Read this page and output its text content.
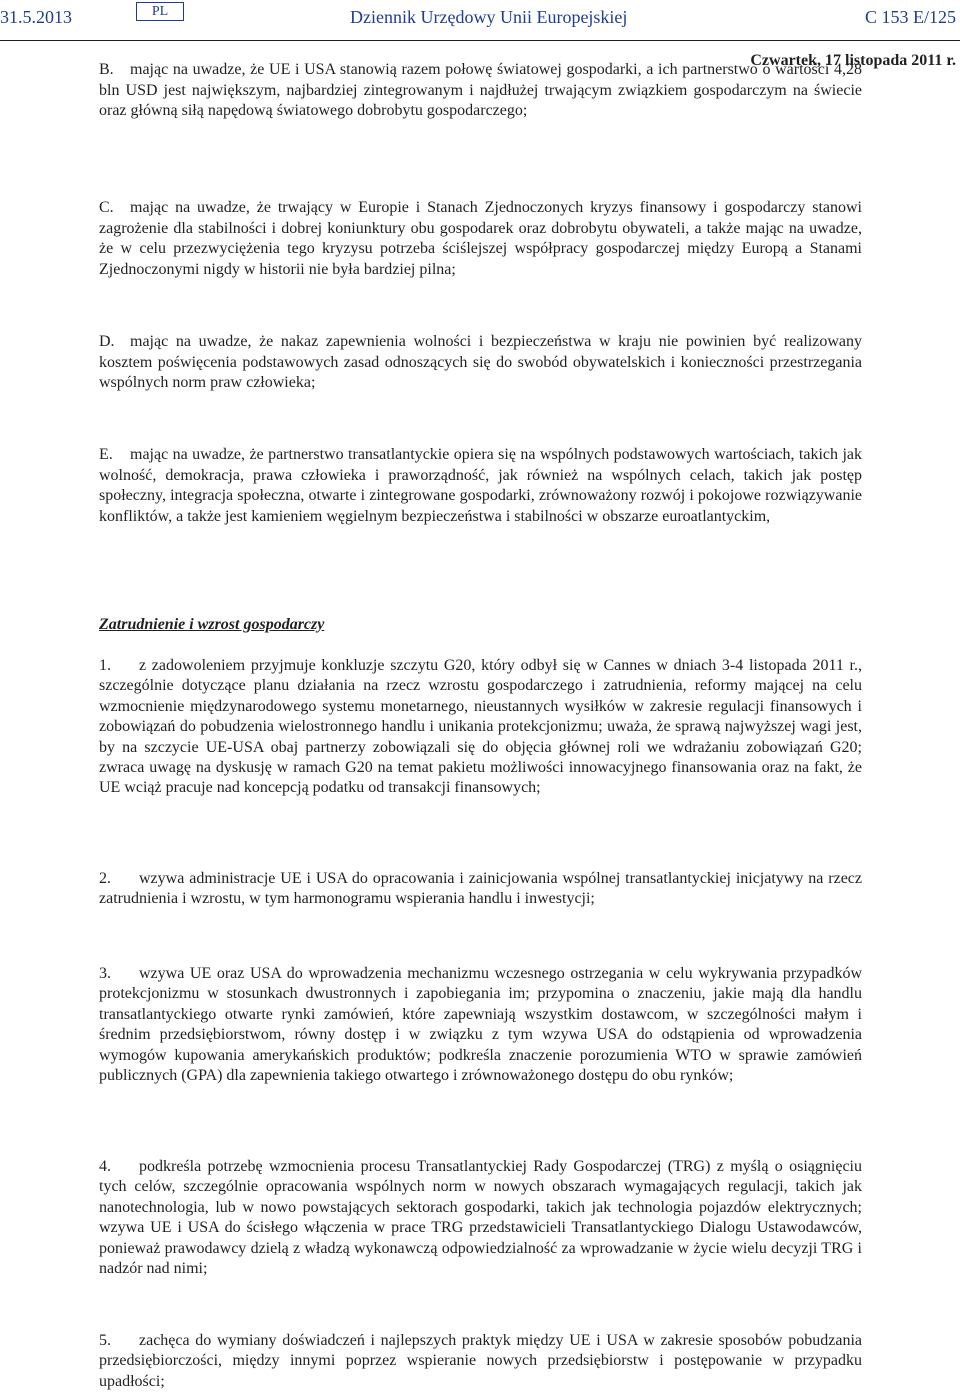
31.5.2013	PL	Dziennik Urzędowy Unii Europejskiej	C 153 E/125
Czwartek, 17 listopada 2011 r.
B. mając na uwadze, że UE i USA stanowią razem połowę światowej gospodarki, a ich partnerstwo o wartości 4,28 bln USD jest największym, najbardziej zintegrowanym i najdłużej trwającym związkiem gospodarczym na świecie oraz główną siłą napędową światowego dobrobytu gospodarczego;
C. mając na uwadze, że trwający w Europie i Stanach Zjednoczonych kryzys finansowy i gospodarczy stanowi zagrożenie dla stabilności i dobrej koniunktury obu gospodarek oraz dobrobytu obywateli, a także mając na uwadze, że w celu przezwyciężenia tego kryzysu potrzeba ściślejszej współpracy gospodarczej między Europą a Stanami Zjednoczonymi nigdy w historii nie była bardziej pilna;
D. mając na uwadze, że nakaz zapewnienia wolności i bezpieczeństwa w kraju nie powinien być realizowany kosztem poświęcenia podstawowych zasad odnoszących się do swobód obywatelskich i konieczności przestrzegania wspólnych norm praw człowieka;
E. mając na uwadze, że partnerstwo transatlantyckie opiera się na wspólnych podstawowych wartościach, takich jak wolność, demokracja, prawa człowieka i praworządność, jak również na wspólnych celach, takich jak postęp społeczny, integracja społeczna, otwarte i zintegrowane gospodarki, zrównoważony rozwój i pokojowe rozwiązywanie konfliktów, a także jest kamieniem węgielnym bezpieczeństwa i stabilności w obszarze euroatlantyckim,
Zatrudnienie i wzrost gospodarczy
1. z zadowoleniem przyjmuje konkluzje szczytu G20, który odbył się w Cannes w dniach 3-4 listopada 2011 r., szczególnie dotyczące planu działania na rzecz wzrostu gospodarczego i zatrudnienia, reformy mającej na celu wzmocnienie międzynarodowego systemu monetarnego, nieustannych wysiłków w zakresie regulacji finansowych i zobowiązań do pobudzenia wielostronnego handlu i unikania protekcjonizmu; uważa, że sprawą najwyższej wagi jest, by na szczycie UE-USA obaj partnerzy zobowiązali się do objęcia głównej roli we wdrażaniu zobowiązań G20; zwraca uwagę na dyskusję w ramach G20 na temat pakietu możliwości innowacyjnego finansowania oraz na fakt, że UE wciąż pracuje nad koncepcją podatku od transakcji finansowych;
2. wzywa administracje UE i USA do opracowania i zainicjowania wspólnej transatlantyckiej inicjatywy na rzecz zatrudnienia i wzrostu, w tym harmonogramu wspierania handlu i inwestycji;
3. wzywa UE oraz USA do wprowadzenia mechanizmu wczesnego ostrzegania w celu wykrywania przypadków protekcjonizmu w stosunkach dwustronnych i zapobiegania im; przypomina o znaczeniu, jakie mają dla handlu transatlantyckiego otwarte rynki zamówień, które zapewniają wszystkim dostawcom, w szczególności małym i średnim przedsiębiorstwom, równy dostęp i w związku z tym wzywa USA do odstąpienia od wprowadzenia wymogów kupowania amerykańskich produktów; podkreśla znaczenie porozumienia WTO w sprawie zamówień publicznych (GPA) dla zapewnienia takiego otwartego i zrównoważonego dostępu do obu rynków;
4. podkreśla potrzebę wzmocnienia procesu Transatlantyckiej Rady Gospodarczej (TRG) z myślą o osiągnięciu tych celów, szczególnie opracowania wspólnych norm w nowych obszarach wymagających regulacji, takich jak nanotechnologia, lub w nowo powstających sektorach gospodarki, takich jak technologia pojazdów elektrycznych; wzywa UE i USA do ścisłego włączenia w prace TRG przedstawicieli Transatlantyckiego Dialogu Ustawodawców, ponieważ prawodawcy dzielą z władzą wykonawczą odpowiedzialność za wprowadzanie w życie wielu decyzji TRG i nadzór nad nimi;
5. zachęca do wymiany doświadczeń i najlepszych praktyk między UE i USA w zakresie sposobów pobudzania przedsiębiorczości, między innymi poprzez wspieranie nowych przedsiębiorstw i postępowanie w przypadku upadłości;
